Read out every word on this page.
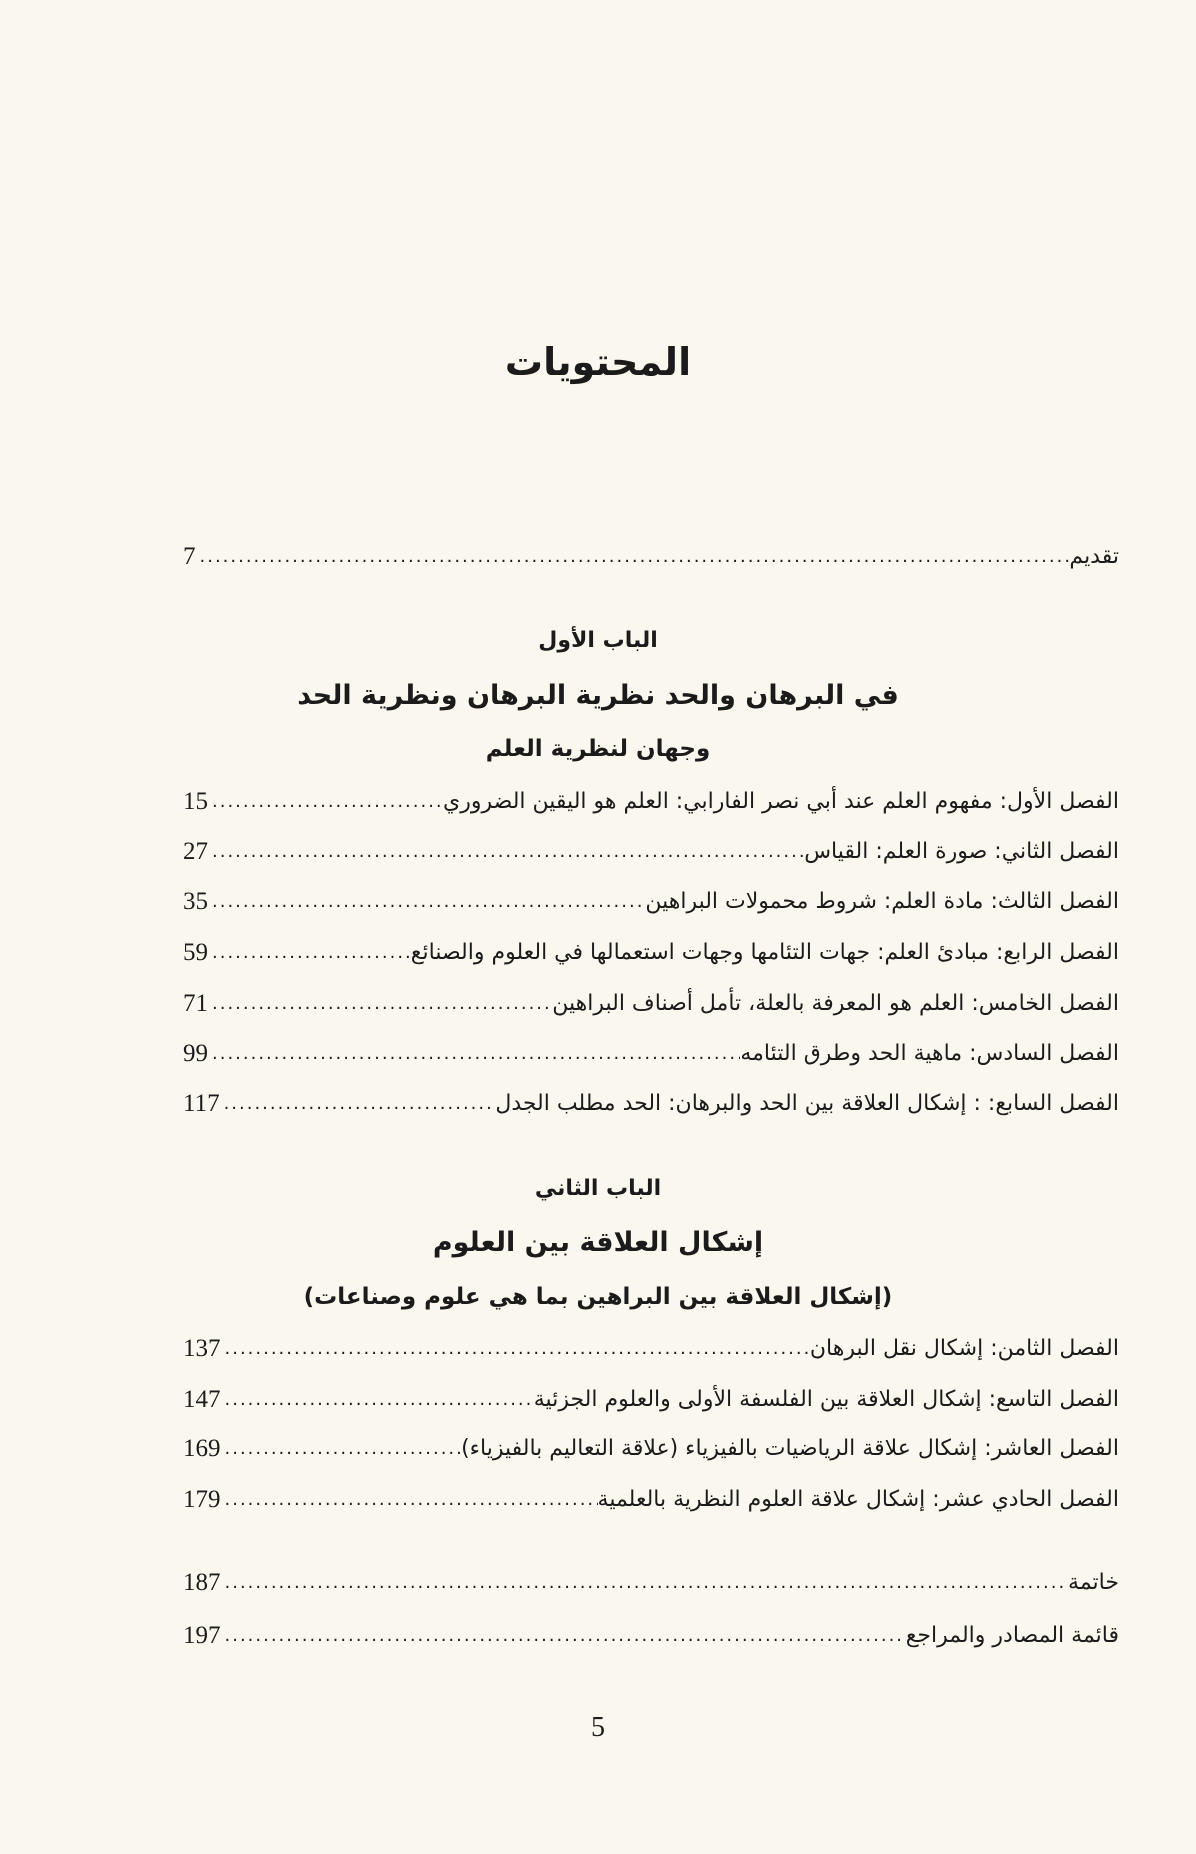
المحتويات
تقديم
.....
7
الباب الأول
في البرهان والحد نظرية البرهان ونظرية الحد
وجهان لنظرية العلم
الفصل الأول: مفهوم العلم عند أبي نصر الفارابي: العلم هو اليقين الضروري
.....
15
الفصل الثاني: صورة العلم: القياس
.....
27
الفصل الثالث: مادة العلم: شروط محمولات البراهين
.....
35
الفصل الرابع: مبادئ العلم: جهات التئامها وجهات استعمالها في العلوم والصنائع
.....
59
الفصل الخامس: العلم هو المعرفة بالعلة، تأمل أصناف البراهين
.....
71
الفصل السادس: ماهية الحد وطرق التئامه
.....
99
الفصل السابع: : إشكال العلاقة بين الحد والبرهان: الحد مطلب الجدل
.....
117
الباب الثاني
إشكال العلاقة بين العلوم
(إشكال العلاقة بين البراهين بما هي علوم وصناعات)
الفصل الثامن: إشكال نقل البرهان
.....
137
الفصل التاسع: إشكال العلاقة بين الفلسفة الأولى والعلوم الجزئية
.....
147
الفصل العاشر: إشكال علاقة الرياضيات بالفيزياء (علاقة التعاليم بالفيزياء)
.....
169
الفصل الحادي عشر: إشكال علاقة العلوم النظرية بالعلمية
.....
179
خاتمة
.....
187
قائمة المصادر والمراجع
.....
197
5
